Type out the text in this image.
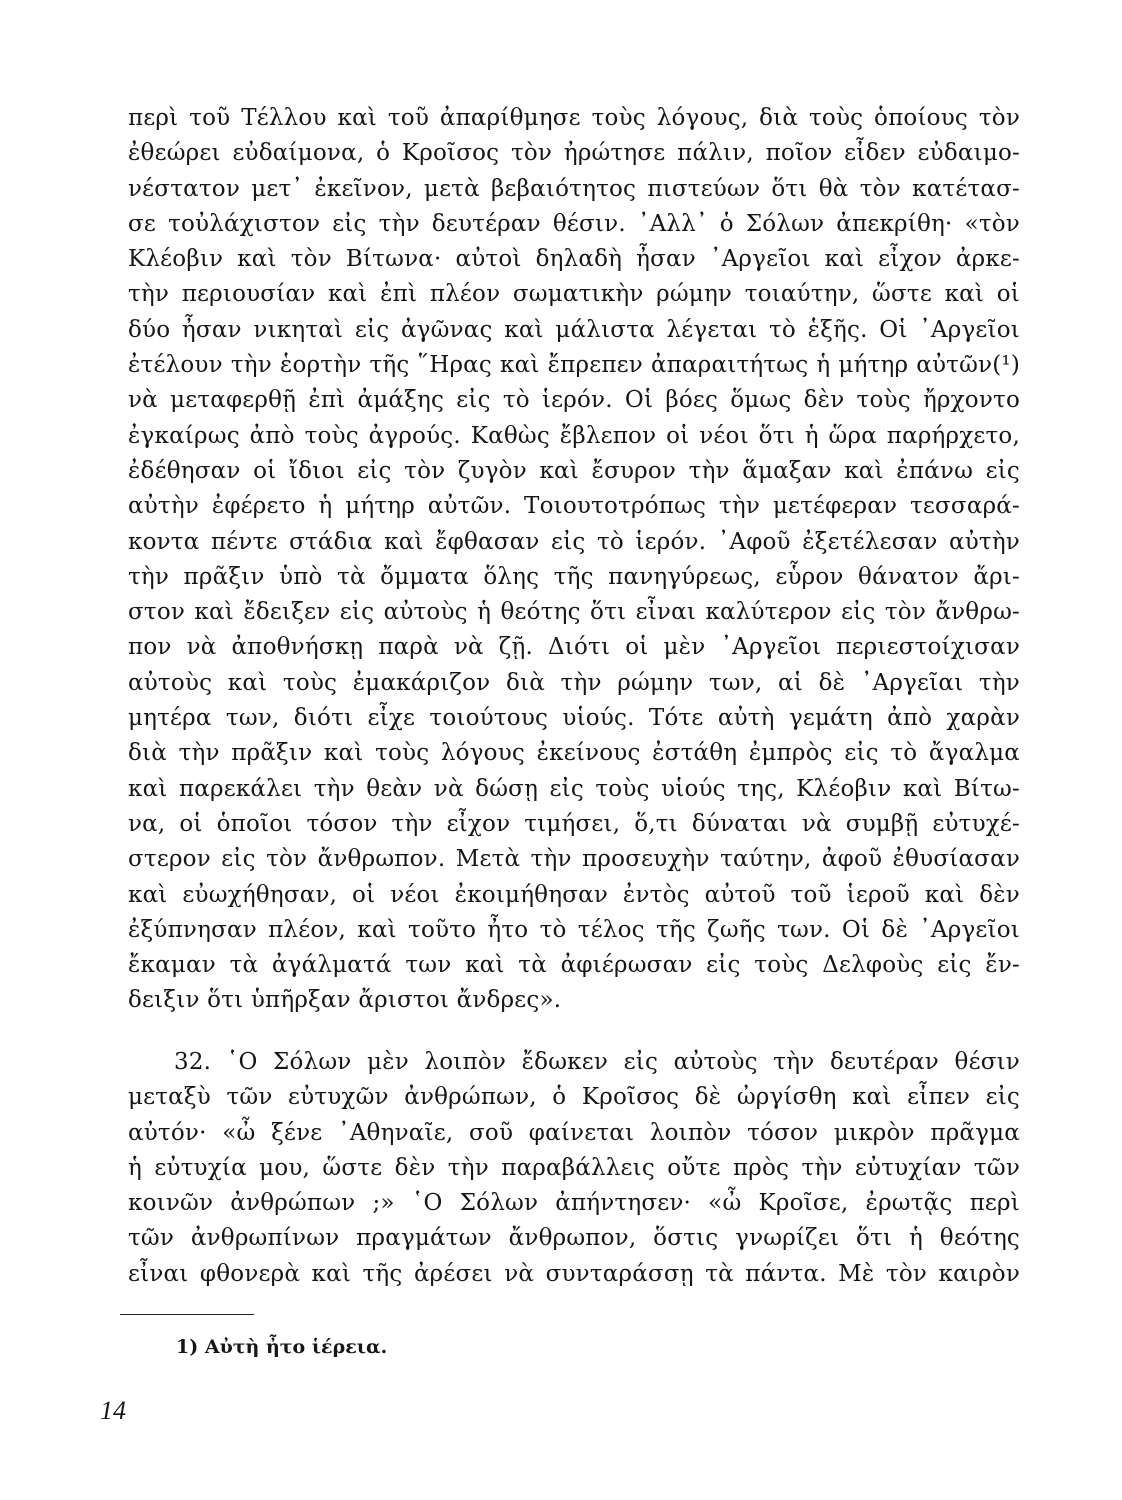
περὶ τοῦ Τέλλου καὶ τοῦ ἀπαρίθμησε τοὺς λόγους, διὰ τοὺς ὁποίους τὸν
ἐθεώρει εὐδαίμονα, ὁ Κροῖσος τὸν ἠρώτησε πάλιν, ποῖον εἶδεν εὐδαιμο-
νέστατον μετ᾽ ἐκεῖνον, μετὰ βεβαιότητος πιστεύων ὅτι θὰ τὸν κατέτασ-
σε τοὐλάχιστον εἰς τὴν δευτέραν θέσιν. ᾽Αλλ᾽ ὁ Σόλων ἀπεκρίθη· «τὸν
Κλέοβιν καὶ τὸν Βίτωνα· αὐτοὶ δηλαδὴ ἦσαν ᾽Αργεῖοι καὶ εἶχον ἀρκε-
τὴν περιουσίαν καὶ ἐπὶ πλέον σωματικὴν ρώμην τοιαύτην, ὥστε καὶ οἱ
δύο ἦσαν νικηταὶ εἰς ἀγῶνας καὶ μάλιστα λέγεται τὸ ἑξῆς. Οἱ ᾽Αργεῖοι
ἐτέλουν τὴν ἑορτὴν τῆς ῞Ηρας καὶ ἔπρεπεν ἀπαραιτήτως ἡ μήτηρ αὐτῶν(¹)
νὰ μεταφερθῇ ἐπὶ ἀμάξης εἰς τὸ ἱερόν. Οἱ βόες ὅμως δὲν τοὺς ἤρχοντο
ἐγκαίρως ἀπὸ τοὺς ἀγρούς. Καθὼς ἔβλεπον οἱ νέοι ὅτι ἡ ὥρα παρήρχετο,
ἐδέθησαν οἱ ἴδιοι εἰς τὸν ζυγὸν καὶ ἔσυρον τὴν ἅμαξαν καὶ ἐπάνω εἰς
αὐτὴν ἐφέρετο ἡ μήτηρ αὐτῶν. Τοιουτοτρόπως τὴν μετέφεραν τεσσαρά-
κοντα πέντε στάδια καὶ ἔφθασαν εἰς τὸ ἱερόν. ᾽Αφοῦ ἐξετέλεσαν αὐτὴν
τὴν πρᾶξιν ὑπὸ τὰ ὄμματα ὅλης τῆς πανηγύρεως, εὗρον θάνατον ἄρι-
στον καὶ ἔδειξεν εἰς αὐτοὺς ἡ θεότης ὅτι εἶναι καλύτερον εἰς τὸν ἄνθρω-
πον νὰ ἀποθνήσκῃ παρὰ νὰ ζῇ. Διότι οἱ μὲν ᾽Αργεῖοι περιεστοίχισαν
αὐτοὺς καὶ τοὺς ἐμακάριζον διὰ τὴν ρώμην των, αἱ δὲ ᾽Αργεῖαι τὴν
μητέρα των, διότι εἶχε τοιούτους υἱούς. Τότε αὐτὴ γεμάτη ἀπὸ χαρὰν
διὰ τὴν πρᾶξιν καὶ τοὺς λόγους ἐκείνους ἐστάθη ἐμπρὸς εἰς τὸ ἄγαλμα
καὶ παρεκάλει τὴν θεὰν νὰ δώσῃ εἰς τοὺς υἱούς της, Κλέοβιν καὶ Βίτω-
να, οἱ ὁποῖοι τόσον τὴν εἶχον τιμήσει, ὅ,τι δύναται νὰ συμβῇ εὐτυχέ-
στερον εἰς τὸν ἄνθρωπον. Μετὰ τὴν προσευχὴν ταύτην, ἀφοῦ ἐθυσίασαν
καὶ εὐωχήθησαν, οἱ νέοι ἐκοιμήθησαν ἐντὸς αὐτοῦ τοῦ ἱεροῦ καὶ δὲν
ἐξύπνησαν πλέον, καὶ τοῦτο ἦτο τὸ τέλος τῆς ζωῆς των. Οἱ δὲ ᾽Αργεῖοι
ἔκαμαν τὰ ἀγάλματά των καὶ τὰ ἀφιέρωσαν εἰς τοὺς Δελφοὺς εἰς ἔν-
δειξιν ὅτι ὑπῆρξαν ἄριστοι ἄνδρες».
32. ῾Ο Σόλων μὲν λοιπὸν ἔδωκεν εἰς αὐτοὺς τὴν δευτέραν θέσιν
μεταξὺ τῶν εὐτυχῶν ἀνθρώπων, ὁ Κροῖσος δὲ ὠργίσθη καὶ εἶπεν εἰς
αὐτόν· «ὦ ξένε ᾽Αθηναῖε, σοῦ φαίνεται λοιπὸν τόσον μικρὸν πρᾶγμα
ἡ εὐτυχία μου, ὥστε δὲν τὴν παραβάλλεις οὔτε πρὸς τὴν εὐτυχίαν τῶν
κοινῶν ἀνθρώπων ;» ῾Ο Σόλων ἀπήντησεν· «ὦ Κροῖσε, ἐρωτᾷς περὶ
τῶν ἀνθρωπίνων πραγμάτων ἄνθρωπον, ὅστις γνωρίζει ὅτι ἡ θεότης
εἶναι φθονερὰ καὶ τῆς ἀρέσει νὰ συνταράσσῃ τὰ πάντα. Μὲ τὸν καιρὸν
1) Αὐτὴ ἦτο ἱέρεια.
14
